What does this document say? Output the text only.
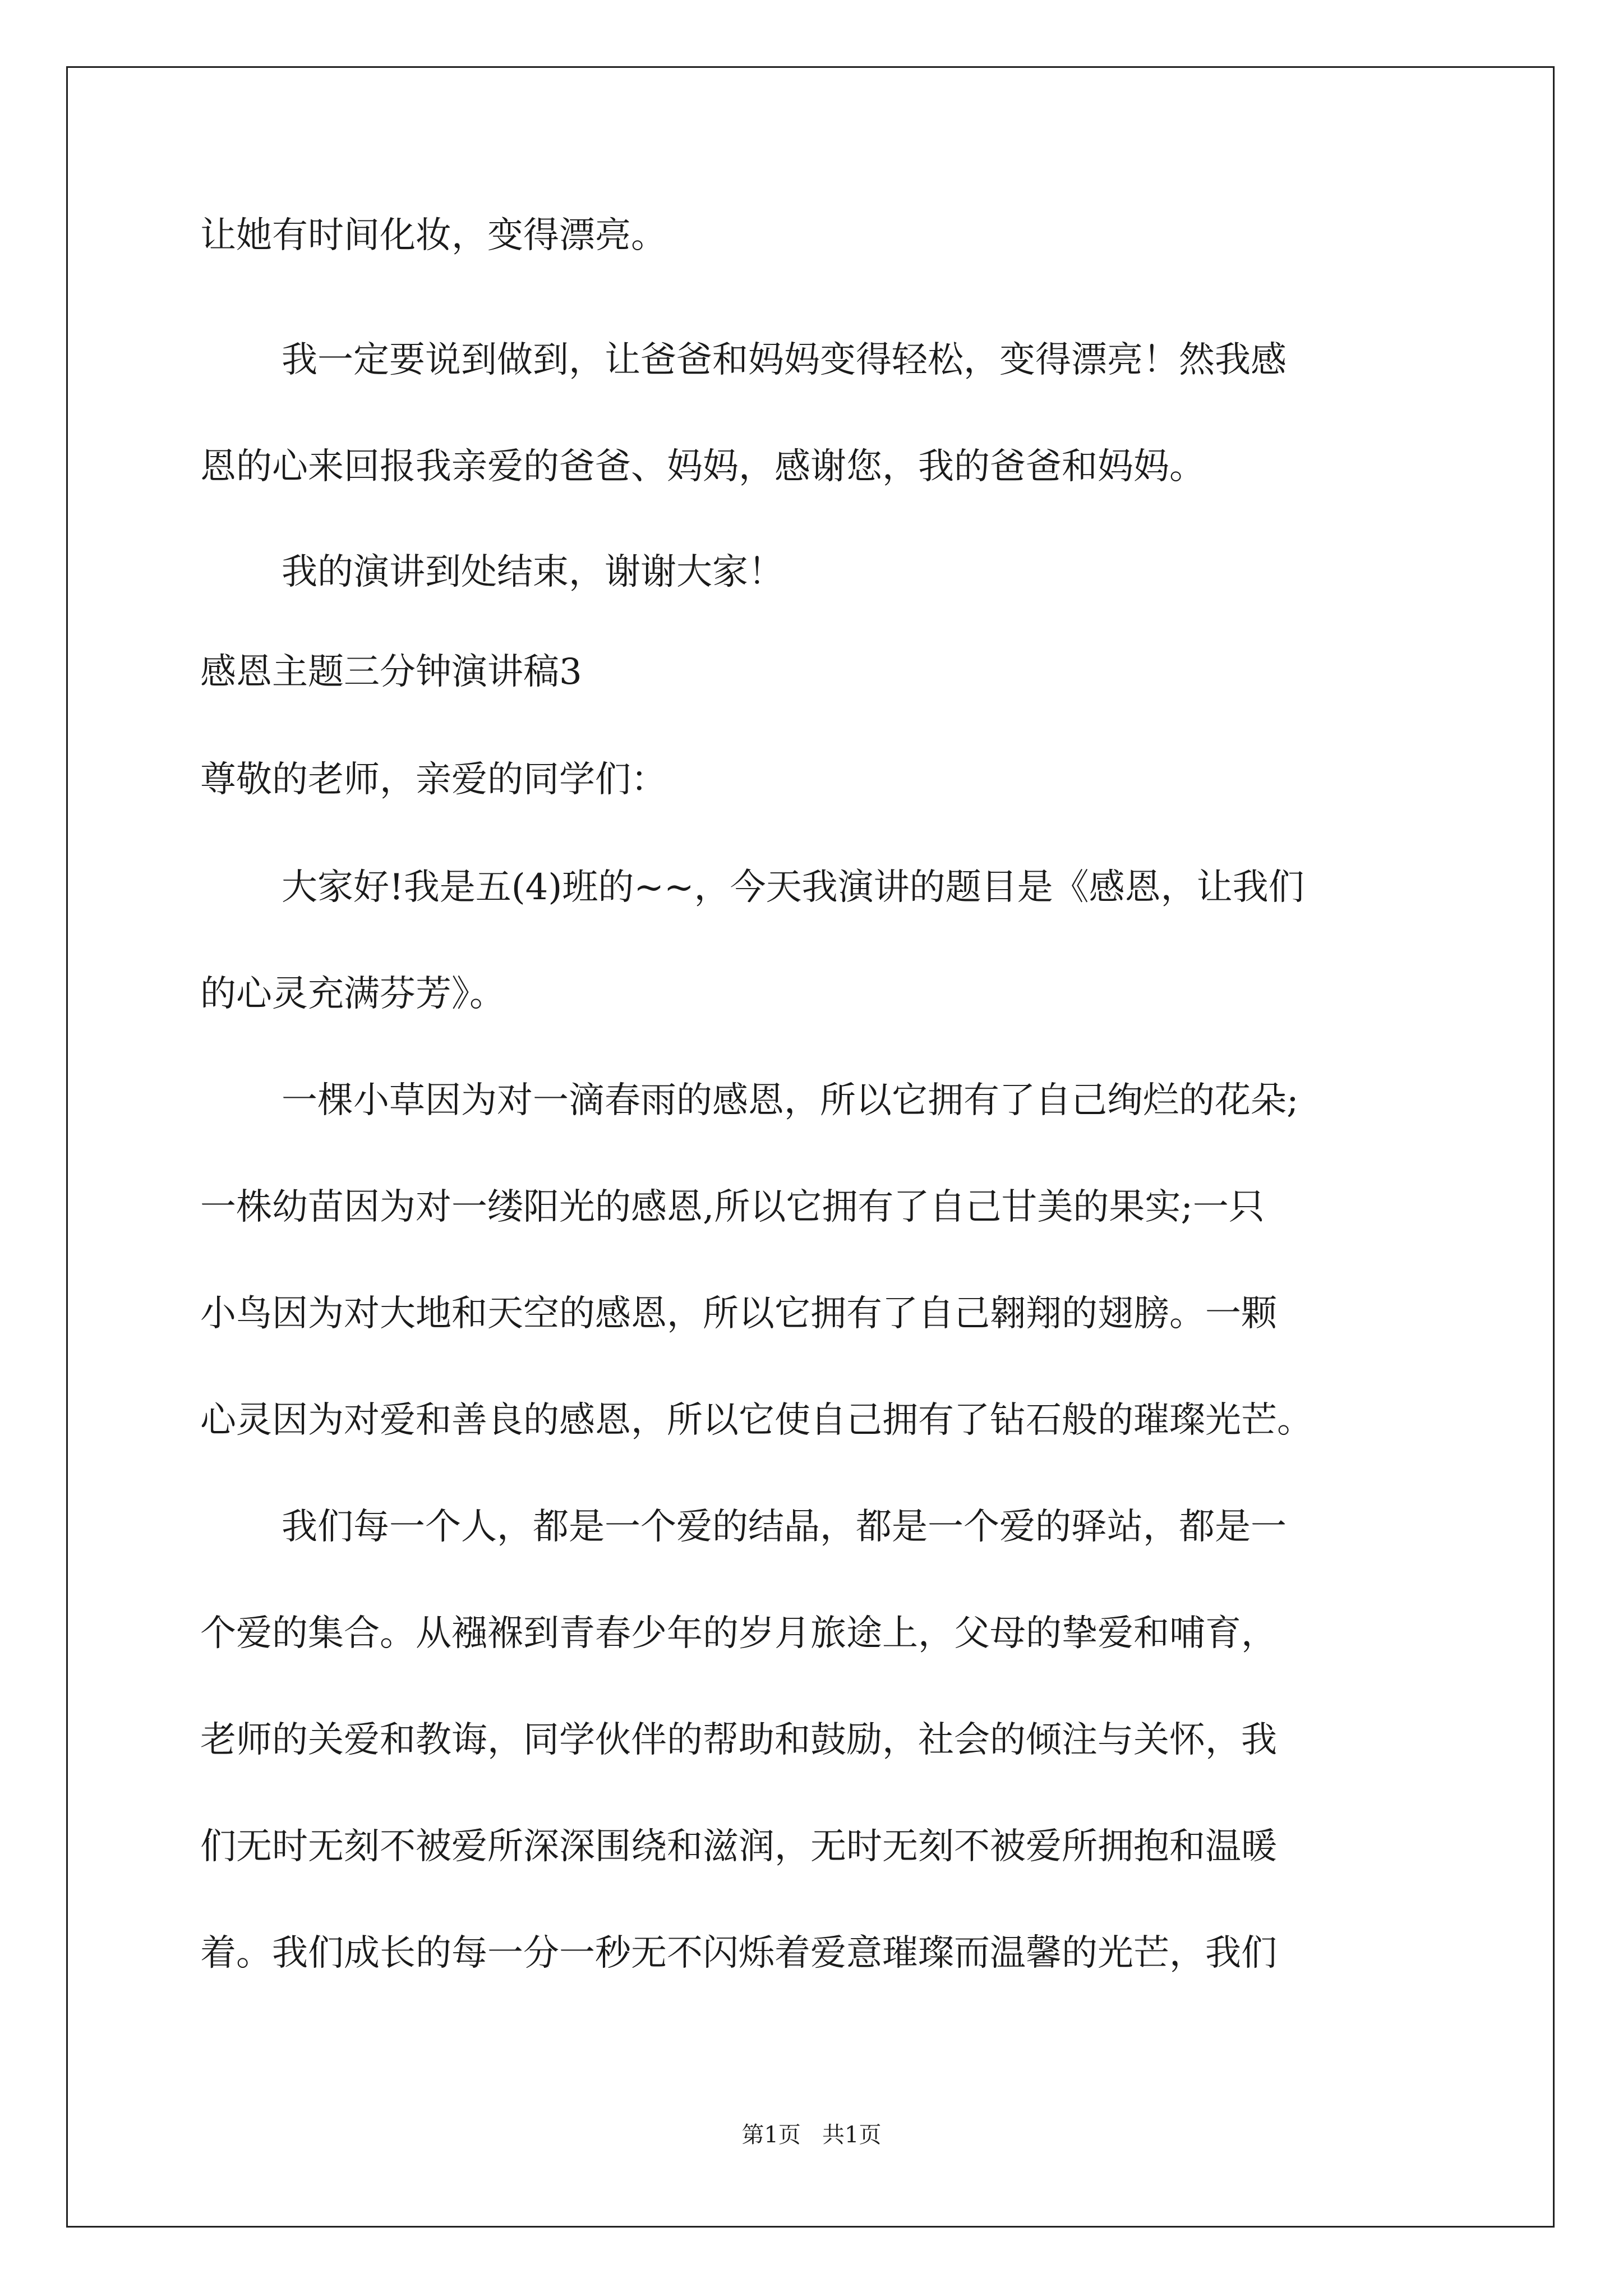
让她有时间化妆，变得漂亮。
我一定要说到做到，让爸爸和妈妈变得轻松，变得漂亮！然我感
恩的心来回报我亲爱的爸爸、妈妈，感谢您，我的爸爸和妈妈。
我的演讲到处结束，谢谢大家！
感恩主题三分钟演讲稿3
尊敬的老师，亲爱的同学们：
大家好!我是五(4)班的~~，今天我演讲的题目是《感恩，让我们
的心灵充满芬芳》。
一棵小草因为对一滴春雨的感恩，所以它拥有了自己绚烂的花朵;
一株幼苗因为对一缕阳光的感恩,所以它拥有了自己甘美的果实;一只
小鸟因为对大地和天空的感恩，所以它拥有了自己翱翔的翅膀。一颗
心灵因为对爱和善良的感恩，所以它使自己拥有了钻石般的璀璨光芒。
我们每一个人，都是一个爱的结晶，都是一个爱的驿站，都是一
个爱的集合。从襁褓到青春少年的岁月旅途上，父母的挚爱和哺育，
老师的关爱和教诲，同学伙伴的帮助和鼓励，社会的倾注与关怀，我
们无时无刻不被爱所深深围绕和滋润，无时无刻不被爱所拥抱和温暖
着。我们成长的每一分一秒无不闪烁着爱意璀璨而温馨的光芒，我们
第1页   共1页
